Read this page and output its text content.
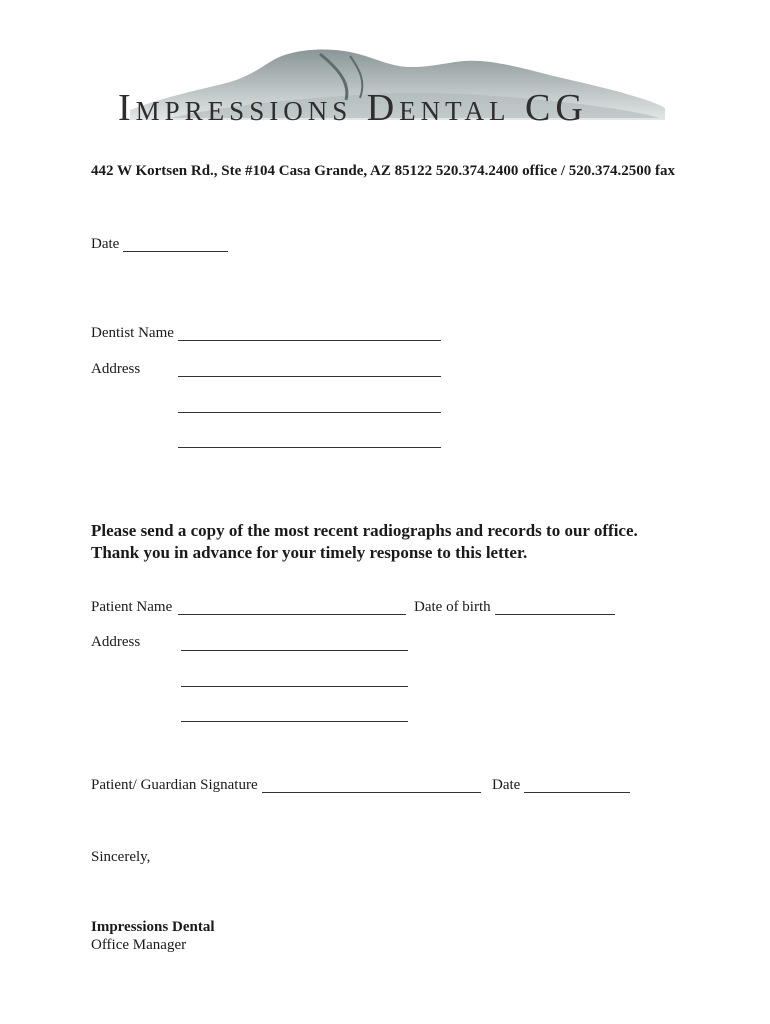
Impressions Dental CG
442 W Kortsen Rd., Ste #104 Casa Grande, AZ 85122 520.374.2400 office / 520.374.2500 fax
Date
Dentist Name
Address
Please send a copy of the most recent radiographs and records to our office.
Thank you in advance for your timely response to this letter.
Patient Name	Date of birth
Address
Patient/ Guardian Signature	Date
Sincerely,
Impressions Dental
Office Manager
